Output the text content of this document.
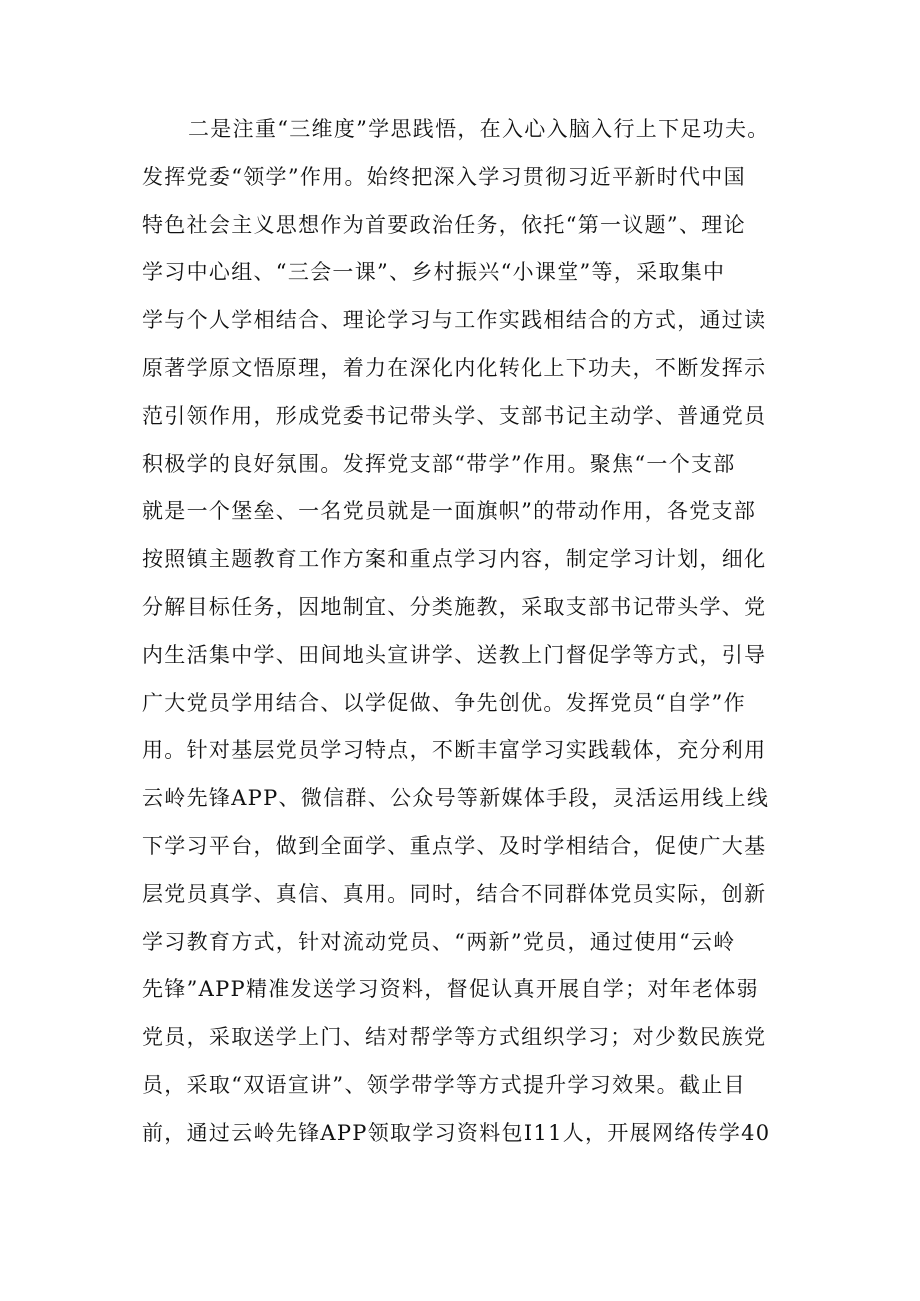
二是注重“三维度”学思践悟，在入心入脑入行上下足功夫。
发挥党委“领学”作用。始终把深入学习贯彻习近平新时代中国
特色社会主义思想作为首要政治任务，依托“第一议题”、理论
学习中心组、“三会一课”、乡村振兴“小课堂”等，采取集中
学与个人学相结合、理论学习与工作实践相结合的方式，通过读
原著学原文悟原理，着力在深化内化转化上下功夫，不断发挥示
范引领作用，形成党委书记带头学、支部书记主动学、普通党员
积极学的良好氛围。发挥党支部“带学”作用。聚焦“一个支部
就是一个堡垒、一名党员就是一面旗帜”的带动作用，各党支部
按照镇主题教育工作方案和重点学习内容，制定学习计划，细化
分解目标任务，因地制宜、分类施教，采取支部书记带头学、党
内生活集中学、田间地头宣讲学、送教上门督促学等方式，引导
广大党员学用结合、以学促做、争先创优。发挥党员“自学”作
用。针对基层党员学习特点，不断丰富学习实践载体，充分利用
云岭先锋APP、微信群、公众号等新媒体手段，灵活运用线上线
下学习平台，做到全面学、重点学、及时学相结合，促使广大基
层党员真学、真信、真用。同时，结合不同群体党员实际，创新
学习教育方式，针对流动党员、“两新”党员，通过使用“云岭
先锋”APP精准发送学习资料，督促认真开展自学；对年老体弱
党员，采取送学上门、结对帮学等方式组织学习；对少数民族党
员，采取“双语宣讲”、领学带学等方式提升学习效果。截止目
前，通过云岭先锋APP领取学习资料包I11人，开展网络传学40
